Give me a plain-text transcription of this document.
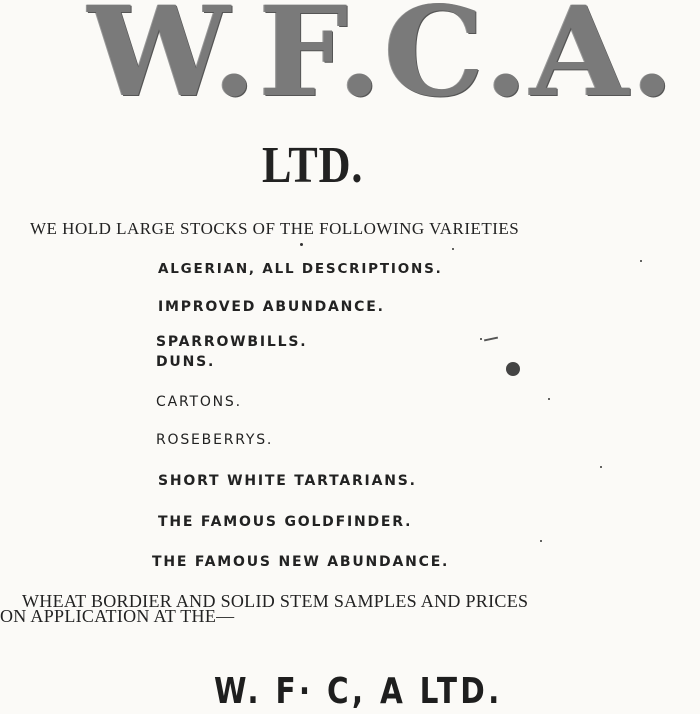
W.F.C.A.
LTD.

WE HOLD LARGE STOCKS OF THE FOLLOWING VARIETIES

ALGERIAN, ALL DESCRIPTIONS.

IMPROVED ABUNDANCE.

SPARROWBILLS.

DUNS.

CARTONS.

ROSEBERRYS.

SHORT WHITE TARTARIANS.

THE FAMOUS GOLDFINDER.

THE FAMOUS NEW ABUNDANCE.

WHEAT BORDIER AND SOLID STEM SAMPLES AND PRICES
ON APPLICATION AT THE—

W. F· C, A LTD.
